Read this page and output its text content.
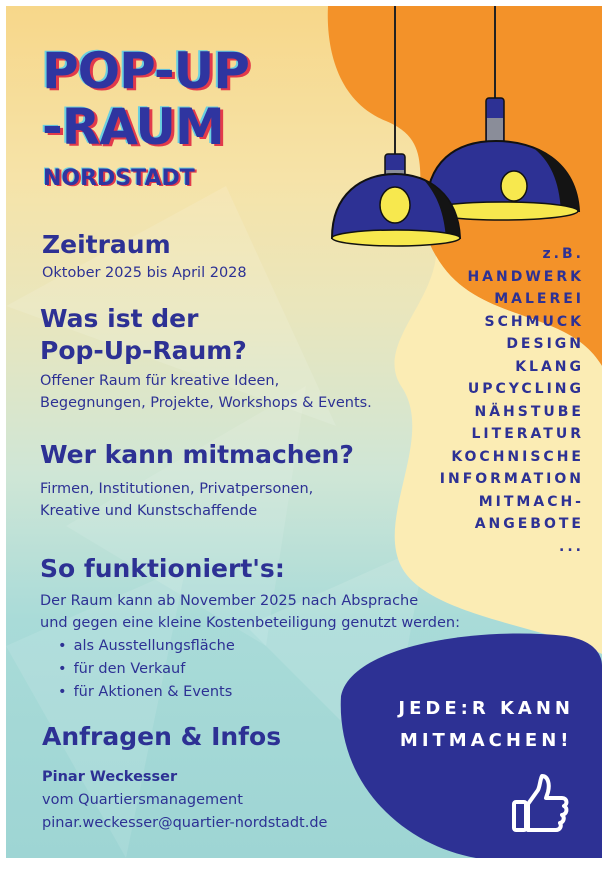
POP-UP
-RAUM
NORDSTADT
Zeitraum
Oktober 2025 bis April 2028
Was ist der
Pop-Up-Raum?
Offener Raum für kreative Ideen,
Begegnungen, Projekte, Workshops & Events.
Wer kann mitmachen?
Firmen, Institutionen, Privatpersonen,
Kreative und Kunstschaffende
So funktioniert's:
Der Raum kann ab November 2025 nach Absprache
und gegen eine kleine Kostenbeteiligung genutzt werden:
• als Ausstellungsfläche
• für den Verkauf
• für Aktionen & Events
Anfragen & Infos
Pinar Weckesser
vom Quartiersmanagement
pinar.weckesser@quartier-nordstadt.de
z.B.
HANDWERK
MALEREI
SCHMUCK
DESIGN
KLANG
UPCYCLING
NÄHSTUBE
LITERATUR
KOCHNISCHE
INFORMATION
MITMACH-
ANGEBOTE
...
JEDE:R KANN
MITMACHEN!
